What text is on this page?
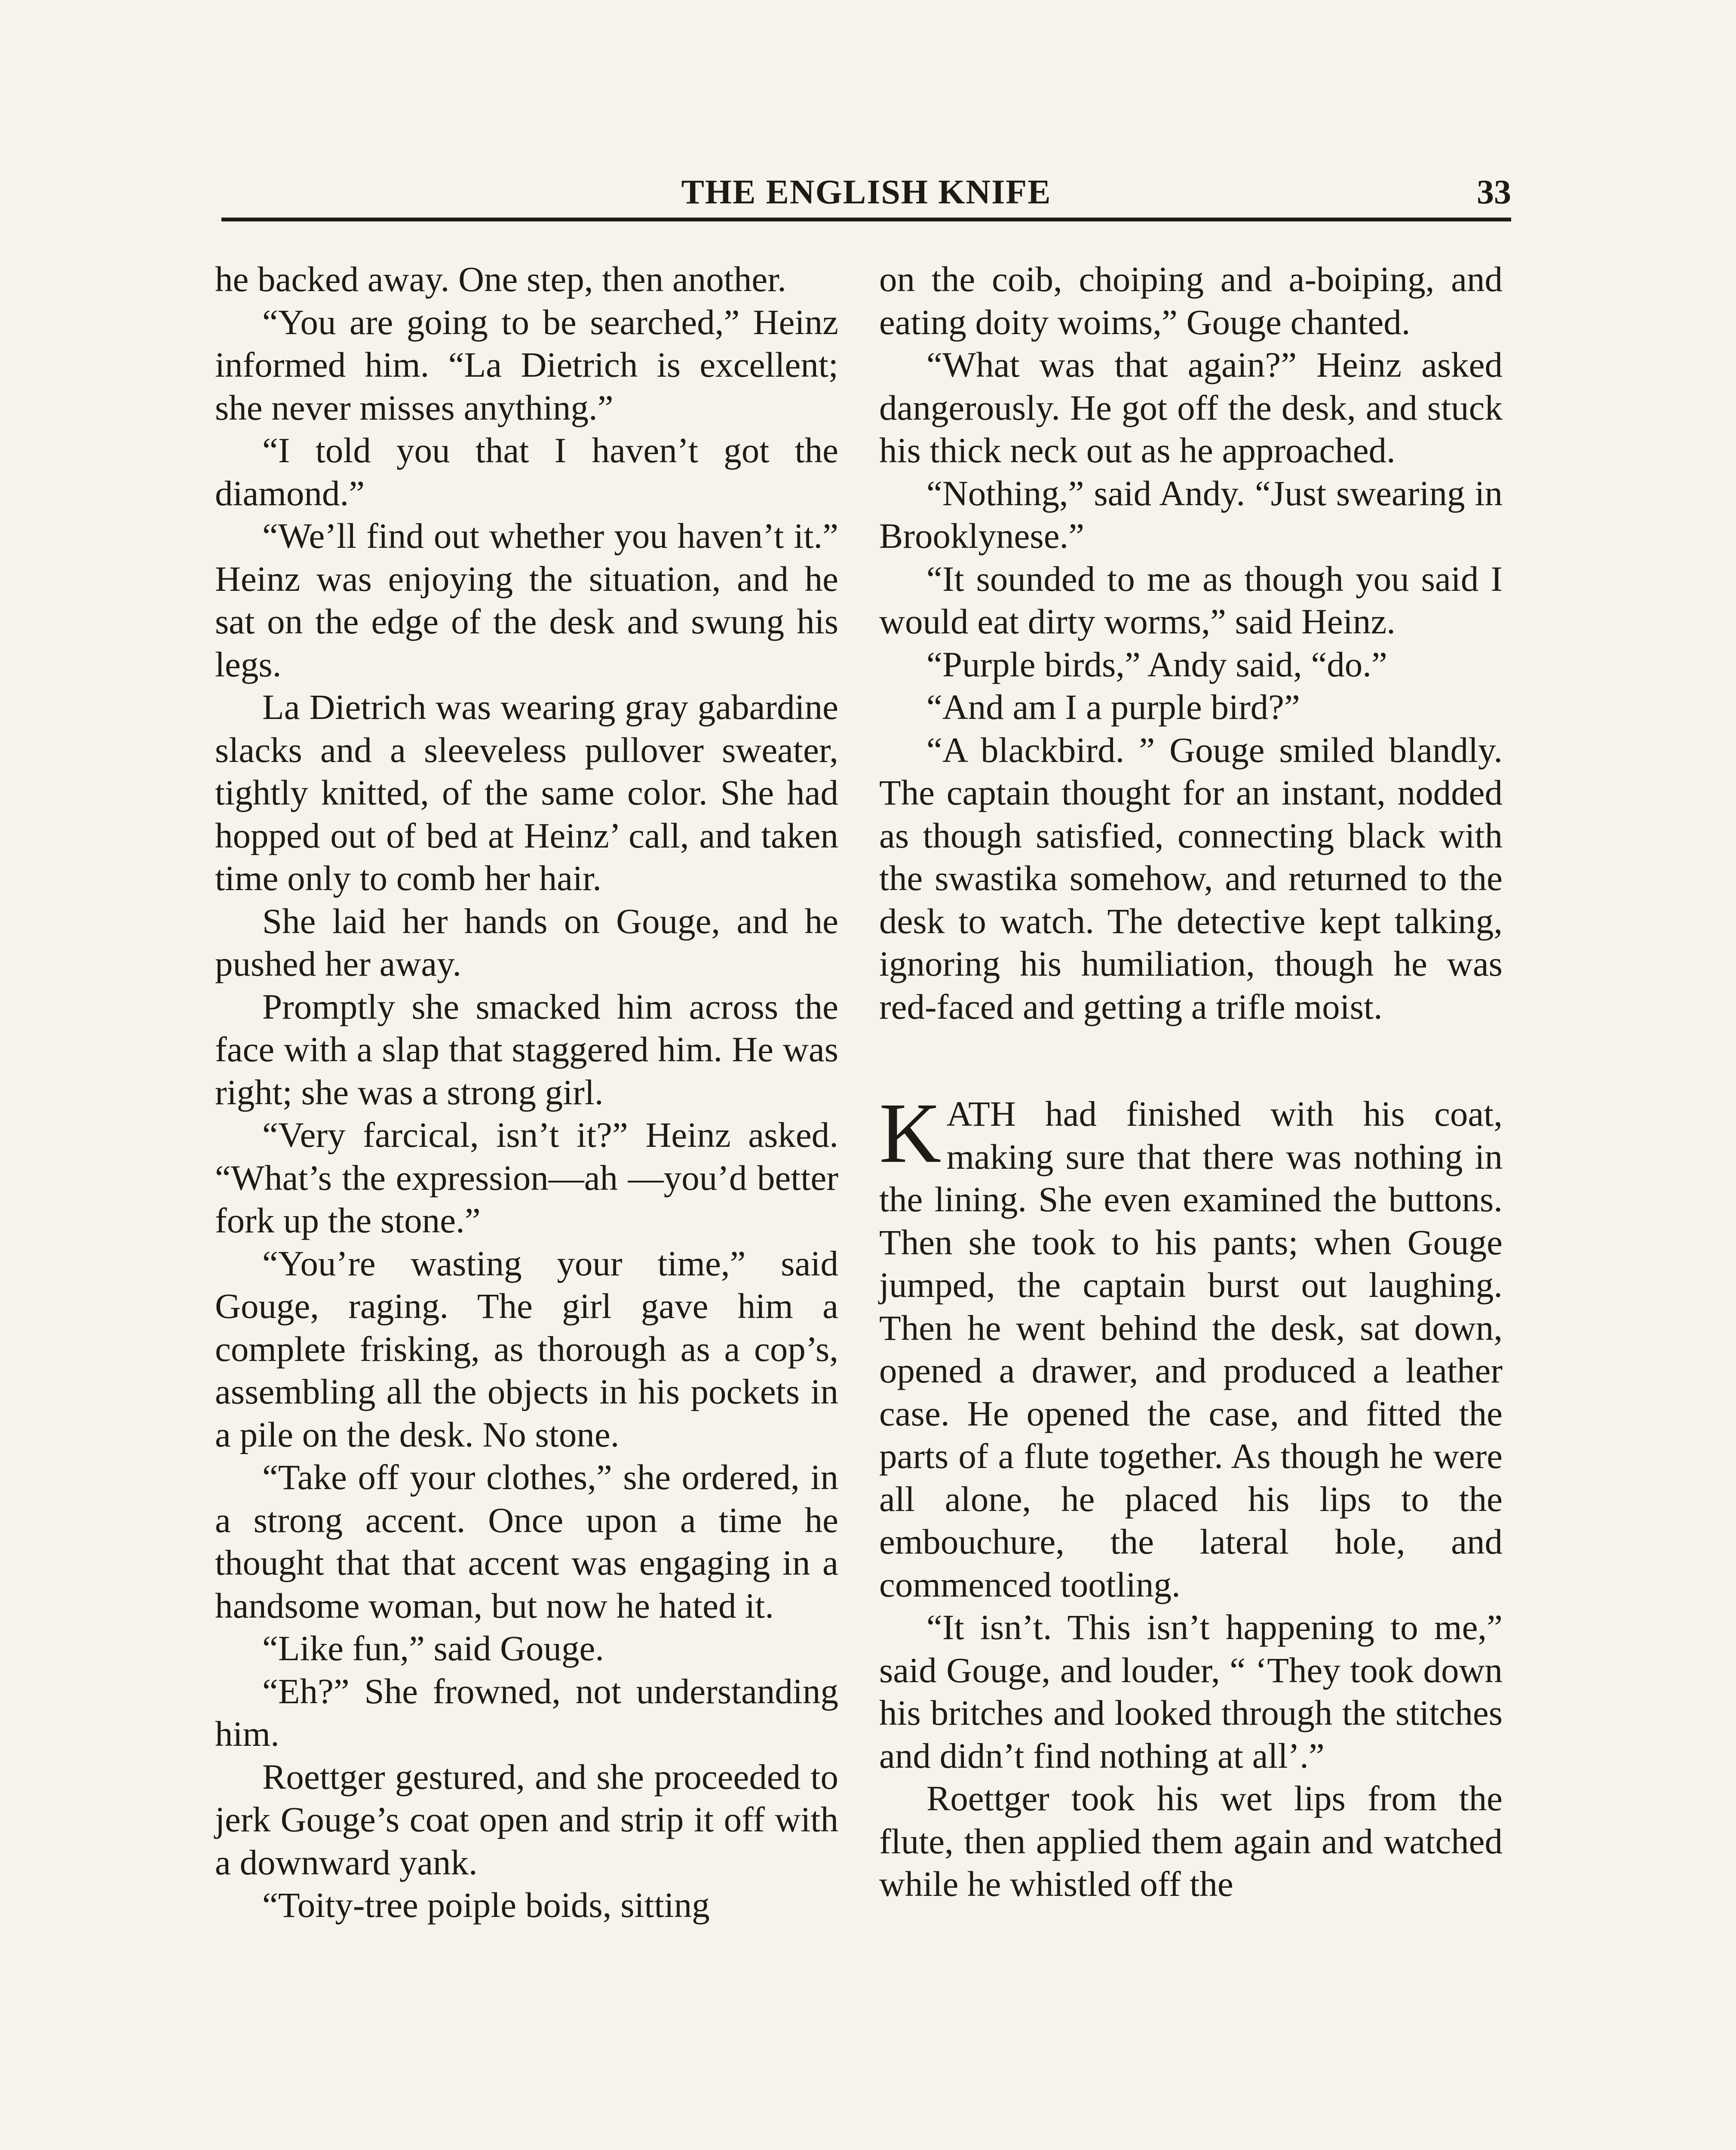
THE ENGLISH KNIFE	33

he backed away. One step, then another.

“You are going to be searched,” Heinz informed him. “La Dietrich is excellent; she never misses anything.”

“I told you that I haven’t got the diamond.”

“We’ll find out whether you haven’t it.” Heinz was enjoying the situation, and he sat on the edge of the desk and swung his legs.

La Dietrich was wearing gray gabardine slacks and a sleeveless pullover sweater, tightly knitted, of the same color. She had hopped out of bed at Heinz’ call, and taken time only to comb her hair.

She laid her hands on Gouge, and he pushed her away.

Promptly she smacked him across the face with a slap that staggered him. He was right; she was a strong girl.

“Very farcical, isn’t it?” Heinz asked. “What’s the expression—ah —you’d better fork up the stone.”

“You’re wasting your time,” said Gouge, raging. The girl gave him a complete frisking, as thorough as a cop’s, assembling all the objects in his pockets in a pile on the desk. No stone.

“Take off your clothes,” she ordered, in a strong accent. Once upon a time he thought that that accent was engaging in a handsome woman, but now he hated it.

“Like fun,” said Gouge.

“Eh?” She frowned, not understanding him.

Roettger gestured, and she proceeded to jerk Gouge’s coat open and strip it off with a downward yank.

“Toity-tree poiple boids, sitting

on the coib, choiping and a-boiping, and eating doity woims,” Gouge chanted.

“What was that again?” Heinz asked dangerously. He got off the desk, and stuck his thick neck out as he approached.

“Nothing,” said Andy. “Just swearing in Brooklynese.”

“It sounded to me as though you said I would eat dirty worms,” said Heinz.

“Purple birds,” Andy said, “do.”

“And am I a purple bird?”

“A blackbird. ” Gouge smiled blandly. The captain thought for an instant, nodded as though satisfied, connecting black with the swastika somehow, and returned to the desk to watch. The detective kept talking, ignoring his humiliation, though he was red-faced and getting a trifle moist.

KATH had finished with his coat, making sure that there was nothing in the lining. She even examined the buttons. Then she took to his pants; when Gouge jumped, the captain burst out laughing. Then he went behind the desk, sat down, opened a drawer, and produced a leather case. He opened the case, and fitted the parts of a flute together. As though he were all alone, he placed his lips to the embouchure, the lateral hole, and commenced tootling.

“It isn’t. This isn’t happening to me,” said Gouge, and louder, “ ‘They took down his britches and looked through the stitches and didn’t find nothing at all’.”

Roettger took his wet lips from the flute, then applied them again and watched while he whistled off the
